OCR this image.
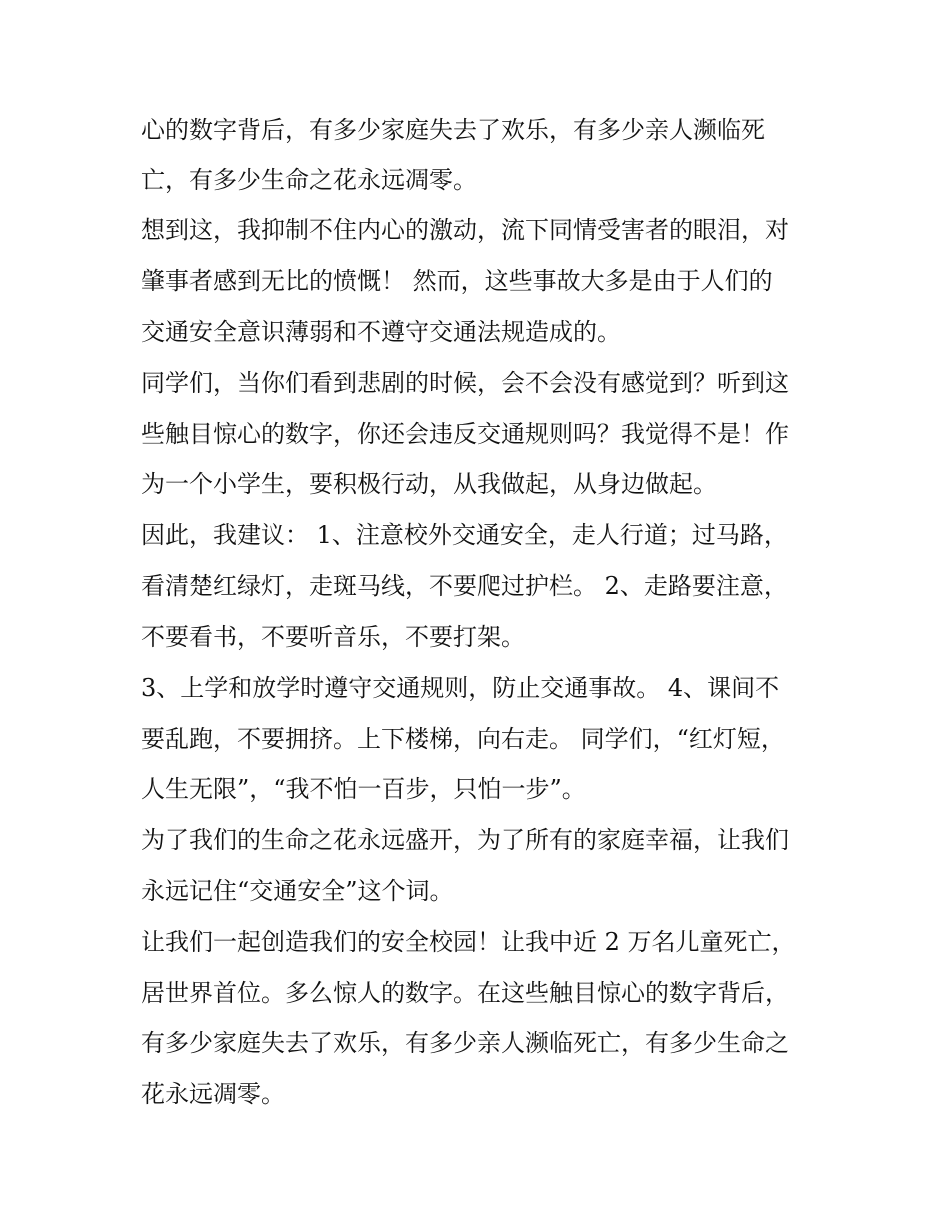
心的数字背后，有多少家庭失去了欢乐，有多少亲人濒临死
亡，有多少生命之花永远凋零。
想到这，我抑制不住内心的激动，流下同情受害者的眼泪，对
肇事者感到无比的愤慨！ 然而，这些事故大多是由于人们的
交通安全意识薄弱和不遵守交通法规造成的。
同学们，当你们看到悲剧的时候，会不会没有感觉到？听到这
些触目惊心的数字，你还会违反交通规则吗？我觉得不是！作
为一个小学生，要积极行动，从我做起，从身边做起。
因此，我建议： 1、注意校外交通安全，走人行道；过马路，
看清楚红绿灯，走斑马线，不要爬过护栏。 2、走路要注意，
不要看书，不要听音乐，不要打架。
3、上学和放学时遵守交通规则，防止交通事故。 4、课间不
要乱跑，不要拥挤。上下楼梯，向右走。 同学们，“红灯短，
人生无限”，“我不怕一百步，只怕一步”。
为了我们的生命之花永远盛开，为了所有的家庭幸福，让我们
永远记住“交通安全”这个词。
让我们一起创造我们的安全校园！让我中近 2 万名儿童死亡，
居世界首位。多么惊人的数字。在这些触目惊心的数字背后，
有多少家庭失去了欢乐，有多少亲人濒临死亡，有多少生命之
花永远凋零。
